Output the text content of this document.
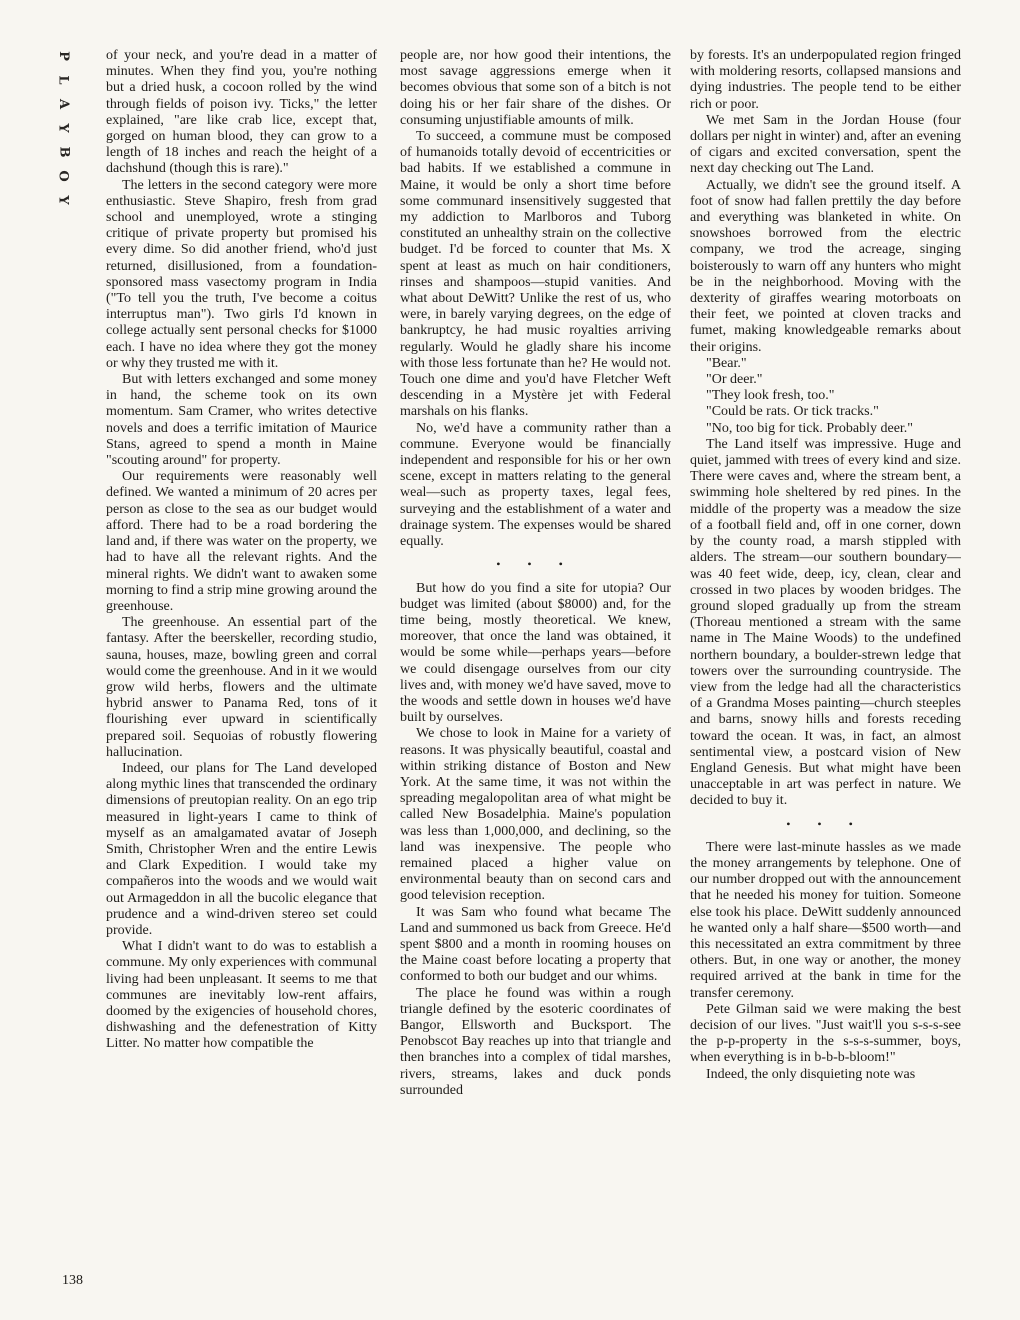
P
L
A
Y
B
O
Y
138

of your neck, and you're dead in a matter of minutes. When they find you, you're nothing but a dried husk, a cocoon rolled by the wind through fields of poison ivy. Ticks," the letter explained, "are like crab lice, except that, gorged on human blood, they can grow to a length of 18 inches and reach the height of a dachshund (though this is rare)."

The letters in the second category were more enthusiastic. Steve Shapiro, fresh from grad school and unemployed, wrote a stinging critique of private property but promised his every dime. So did another friend, who'd just returned, disillusioned, from a foundation-sponsored mass vasectomy program in India ("To tell you the truth, I've become a coitus interruptus man"). Two girls I'd known in college actually sent personal checks for $1000 each. I have no idea where they got the money or why they trusted me with it.

But with letters exchanged and some money in hand, the scheme took on its own momentum. Sam Cramer, who writes detective novels and does a terrific imitation of Maurice Stans, agreed to spend a month in Maine "scouting around" for property.

Our requirements were reasonably well defined. We wanted a minimum of 20 acres per person as close to the sea as our budget would afford. There had to be a road bordering the land and, if there was water on the property, we had to have all the relevant rights. And the mineral rights. We didn't want to awaken some morning to find a strip mine growing around the greenhouse.

The greenhouse. An essential part of the fantasy. After the beerskeller, recording studio, sauna, houses, maze, bowling green and corral would come the greenhouse. And in it we would grow wild herbs, flowers and the ultimate hybrid answer to Panama Red, tons of it flourishing ever upward in scientifically prepared soil. Sequoias of robustly flowering hallucination.

Indeed, our plans for The Land developed along mythic lines that transcended the ordinary dimensions of preutopian reality. On an ego trip measured in light-years I came to think of myself as an amalgamated avatar of Joseph Smith, Christopher Wren and the entire Lewis and Clark Expedition. I would take my compañeros into the woods and we would wait out Armageddon in all the bucolic elegance that prudence and a wind-driven stereo set could provide.

What I didn't want to do was to establish a commune. My only experiences with communal living had been unpleasant. It seems to me that communes are inevitably low-rent affairs, doomed by the exigencies of household chores, dishwashing and the defenestration of Kitty Litter. No matter how compatible the

people are, nor how good their intentions, the most savage aggressions emerge when it becomes obvious that some son of a bitch is not doing his or her fair share of the dishes. Or consuming unjustifiable amounts of milk.

To succeed, a commune must be composed of humanoids totally devoid of eccentricities or bad habits. If we established a commune in Maine, it would be only a short time before some communard insensitively suggested that my addiction to Marlboros and Tuborg constituted an unhealthy strain on the collective budget. I'd be forced to counter that Ms. X spent at least as much on hair conditioners, rinses and shampoos—stupid vanities. And what about DeWitt? Unlike the rest of us, who were, in barely varying degrees, on the edge of bankruptcy, he had music royalties arriving regularly. Would he gladly share his income with those less fortunate than he? He would not. Touch one dime and you'd have Fletcher Weft descending in a Mystère jet with Federal marshals on his flanks.

No, we'd have a community rather than a commune. Everyone would be financially independent and responsible for his or her own scene, except in matters relating to the general weal—such as property taxes, legal fees, surveying and the establishment of a water and drainage system. The expenses would be shared equally.

• • •

But how do you find a site for utopia? Our budget was limited (about $8000) and, for the time being, mostly theoretical. We knew, moreover, that once the land was obtained, it would be some while—perhaps years—before we could disengage ourselves from our city lives and, with money we'd have saved, move to the woods and settle down in houses we'd have built by ourselves.

We chose to look in Maine for a variety of reasons. It was physically beautiful, coastal and within striking distance of Boston and New York. At the same time, it was not within the spreading megalopolitan area of what might be called New Bosadelphia. Maine's population was less than 1,000,000, and declining, so the land was inexpensive. The people who remained placed a higher value on environmental beauty than on second cars and good television reception.

It was Sam who found what became The Land and summoned us back from Greece. He'd spent $800 and a month in rooming houses on the Maine coast before locating a property that conformed to both our budget and our whims.

The place he found was within a rough triangle defined by the esoteric coordinates of Bangor, Ellsworth and Bucksport. The Penobscot Bay reaches up into that triangle and then branches into a complex of tidal marshes, rivers, streams, lakes and duck ponds surrounded

by forests. It's an underpopulated region fringed with moldering resorts, collapsed mansions and dying industries. The people tend to be either rich or poor.

We met Sam in the Jordan House (four dollars per night in winter) and, after an evening of cigars and excited conversation, spent the next day checking out The Land.

Actually, we didn't see the ground itself. A foot of snow had fallen prettily the day before and everything was blanketed in white. On snowshoes borrowed from the electric company, we trod the acreage, singing boisterously to warn off any hunters who might be in the neighborhood. Moving with the dexterity of giraffes wearing motorboats on their feet, we pointed at cloven tracks and fumet, making knowledgeable remarks about their origins.

"Bear."

"Or deer."

"They look fresh, too."

"Could be rats. Or tick tracks."

"No, too big for tick. Probably deer."

The Land itself was impressive. Huge and quiet, jammed with trees of every kind and size. There were caves and, where the stream bent, a swimming hole sheltered by red pines. In the middle of the property was a meadow the size of a football field and, off in one corner, down by the county road, a marsh stippled with alders. The stream—our southern boundary—was 40 feet wide, deep, icy, clean, clear and crossed in two places by wooden bridges. The ground sloped gradually up from the stream (Thoreau mentioned a stream with the same name in The Maine Woods) to the undefined northern boundary, a boulder-strewn ledge that towers over the surrounding countryside. The view from the ledge had all the characteristics of a Grandma Moses painting—church steeples and barns, snowy hills and forests receding toward the ocean. It was, in fact, an almost sentimental view, a postcard vision of New England Genesis. But what might have been unacceptable in art was perfect in nature. We decided to buy it.

• • •

There were last-minute hassles as we made the money arrangements by telephone. One of our number dropped out with the announcement that he needed his money for tuition. Someone else took his place. DeWitt suddenly announced he wanted only a half share—$500 worth—and this necessitated an extra commitment by three others. But, in one way or another, the money required arrived at the bank in time for the transfer ceremony.

Pete Gilman said we were making the best decision of our lives. "Just wait'll you s-s-s-see the p-p-property in the s-s-s-summer, boys, when everything is in b-b-b-bloom!"

Indeed, the only disquieting note was
